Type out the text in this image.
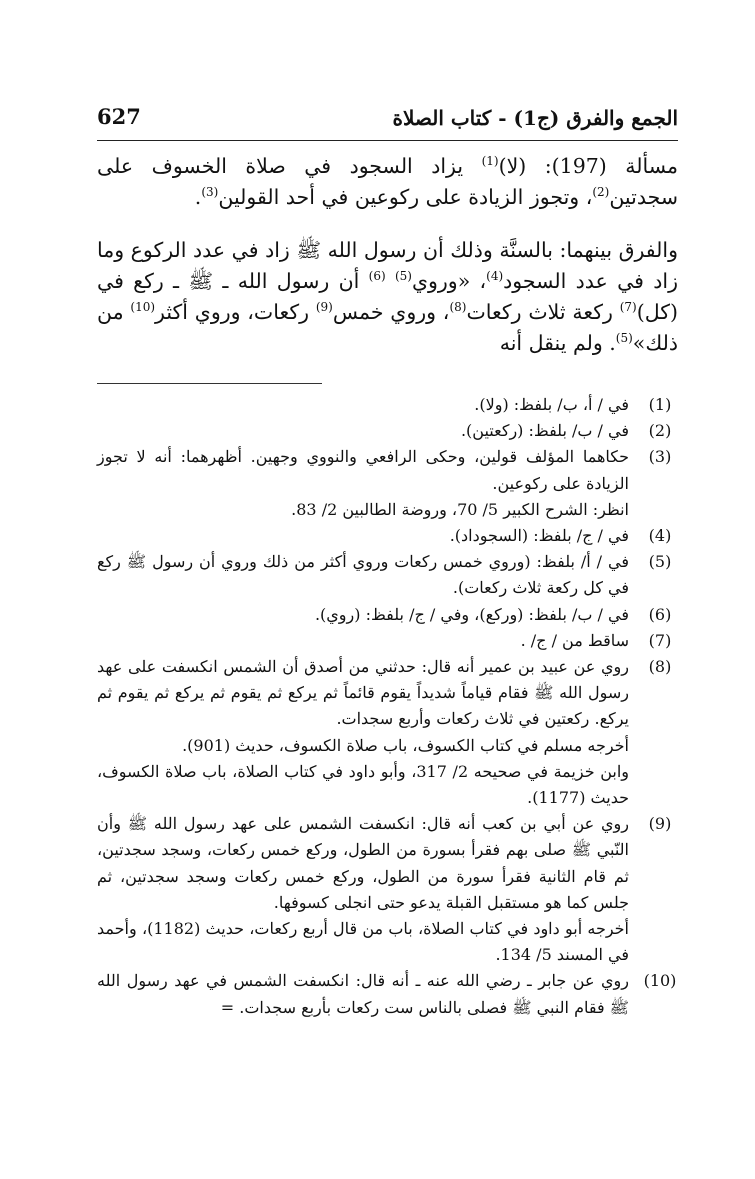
الجمع والفرق (ج1) - كتاب الصلاة
627

مسألة (197): (لا)$^{(1)}$ يزاد السجود في صلاة الخسوف على سجدتين$^{(2)}$، وتجوز الزيادة على ركوعين في أحد القولين$^{(3)}$.

والفرق بينهما: بالسنَّة وذلك أن رسول الله ﷺ زاد في عدد الركوع وما زاد في عدد السجود$^{(4)}$، «وروي$^{(5)}$ $^{(6)}$ أن رسول الله ـ ﷺ ـ ركع في (كل)$^{(7)}$ ركعة ثلاث ركعات$^{(8)}$، وروي خمس$^{(9)}$ ركعات، وروي أكثر$^{(10)}$ من ذلك»$^{(5)}$. ولم ينقل أنه

(1)
في / أ، ب/ بلفظ: (ولا).
(2)
في / ب/ بلفظ: (ركعتين).
(3)
حكاهما المؤلف قولين، وحكى الرافعي والنووي وجهين. أظهرهما: أنه لا تجوز الزيادة على ركوعين.
انظر: الشرح الكبير 5/ 70، وروضة الطالبين 2/ 83.
(4)
في / ج/ بلفظ: (السجوداد).
(5)
في / أ/ بلفظ: (وروي خمس ركعات وروي أكثر من ذلك وروي أن رسول ﷺ ركع في كل ركعة ثلاث ركعات).
(6)
في / ب/ بلفظ: (وركع)، وفي / ج/ بلفظ: (روي).
(7)
ساقط من / ج/ .
(8)
روي عن عبيد بن عمير أنه قال: حدثني من أصدق أن الشمس انكسفت على عهد رسول الله ﷺ فقام قياماً شديداً يقوم قائماً ثم يركع ثم يقوم ثم يركع ثم يقوم ثم يركع. ركعتين في ثلاث ركعات وأربع سجدات.
أخرجه مسلم في كتاب الكسوف، باب صلاة الكسوف، حديث (901).
وابن خزيمة في صحيحه 2/ 317، وأبو داود في كتاب الصلاة، باب صلاة الكسوف، حديث (1177).
(9)
روي عن أبي بن كعب أنه قال: انكسفت الشمس على عهد رسول الله ﷺ وأن النّبي ﷺ صلى بهم فقرأ بسورة من الطول، وركع خمس ركعات، وسجد سجدتين، ثم قام الثانية فقرأ سورة من الطول، وركع خمس ركعات وسجد سجدتين، ثم جلس كما هو مستقبل القبلة يدعو حتى انجلى كسوفها.
أخرجه أبو داود في كتاب الصلاة، باب من قال أربع ركعات، حديث (1182)، وأحمد في المسند 5/ 134.
(10)
روي عن جابر ـ رضي الله عنه ـ أنه قال: انكسفت الشمس في عهد رسول الله ﷺ فقام النبي ﷺ فصلى بالناس ست ركعات بأربع سجدات. =
